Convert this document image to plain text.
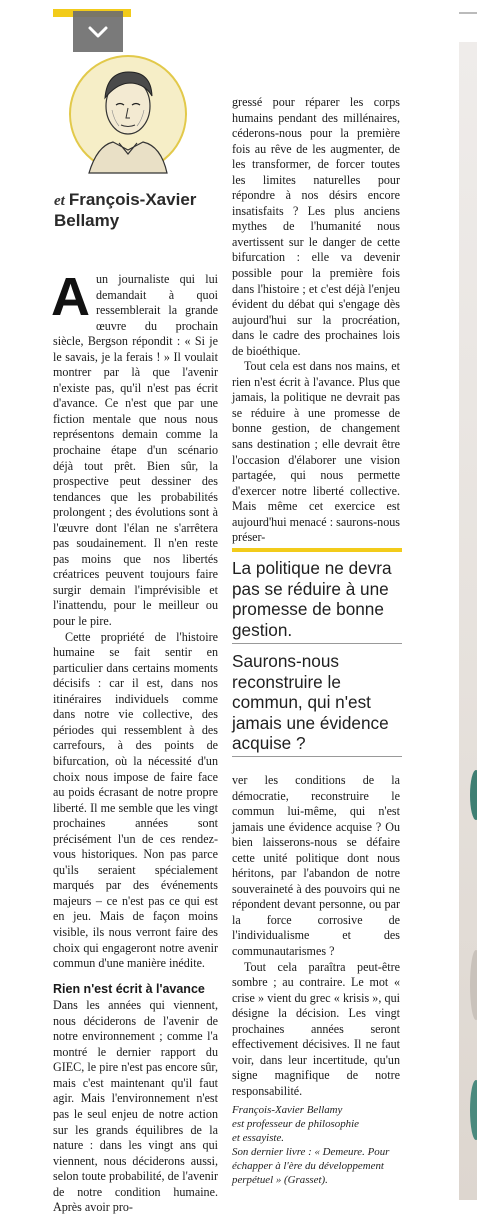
et François-Xavier Bellamy

Aun journaliste qui lui demandait à quoi ressemblerait la grande œuvre du prochain siècle, Bergson répondit : « Si je le savais, je la ferais ! » Il voulait montrer par là que l'avenir n'existe pas, qu'il n'est pas écrit d'avance. Ce n'est que par une fiction mentale que nous nous représentons demain comme la prochaine étape d'un scénario déjà tout prêt. Bien sûr, la prospective peut dessiner des tendances que les probabilités prolongent ; des évolutions sont à l'œuvre dont l'élan ne s'arrêtera pas soudainement. Il n'en reste pas moins que nos libertés créatrices peuvent toujours faire surgir demain l'imprévisible et l'inattendu, pour le meilleur ou pour le pire.

Cette propriété de l'histoire humaine se fait sentir en particulier dans certains moments décisifs : car il est, dans nos itinéraires individuels comme dans notre vie collective, des périodes qui ressemblent à des carrefours, à des points de bifurcation, où la nécessité d'un choix nous impose de faire face au poids écrasant de notre propre liberté. Il me semble que les vingt prochaines années sont précisément l'un de ces rendez-vous historiques. Non pas parce qu'ils seraient spécialement marqués par des événements majeurs – ce n'est pas ce qui est en jeu. Mais de façon moins visible, ils nous verront faire des choix qui engageront notre avenir commun d'une manière inédite.

Rien n'est écrit à l'avance

Dans les années qui viennent, nous déciderons de l'avenir de notre environnement ; comme l'a montré le dernier rapport du GIEC, le pire n'est pas encore sûr, mais c'est maintenant qu'il faut agir. Mais l'environnement n'est pas le seul enjeu de notre action sur les grands équilibres de la nature : dans les vingt ans qui viennent, nous déciderons aussi, selon toute probabilité, de l'avenir de notre condition humaine. Après avoir pro-

gressé pour réparer les corps humains pendant des millénaires, céderons-nous pour la première fois au rêve de les augmenter, de les transformer, de forcer toutes les limites naturelles pour répondre à nos désirs encore insatisfaits ? Les plus anciens mythes de l'humanité nous avertissent sur le danger de cette bifurcation : elle va devenir possible pour la première fois dans l'histoire ; et c'est déjà l'enjeu évident du débat qui s'engage dès aujourd'hui sur la procréation, dans le cadre des prochaines lois de bioéthique.

Tout cela est dans nos mains, et rien n'est écrit à l'avance. Plus que jamais, la politique ne devrait pas se réduire à une promesse de bonne gestion, de changement sans destination ; elle devrait être l'occasion d'élaborer une vision partagée, qui nous permette d'exercer notre liberté collective. Mais même cet exercice est aujourd'hui menacé : saurons-nous préser-

La politique ne devra pas se réduire à une promesse de bonne gestion.
Saurons-nous reconstruire le commun, qui n'est jamais une évidence acquise ?

ver les conditions de la démocratie, reconstruire le commun lui-même, qui n'est jamais une évidence acquise ? Ou bien laisserons-nous se défaire cette unité politique dont nous héritons, par l'abandon de notre souveraineté à des pouvoirs qui ne répondent devant personne, ou par la force corrosive de l'individualisme et des communautarismes ?

Tout cela paraîtra peut-être sombre ; au contraire. Le mot « crise » vient du grec « krisis », qui désigne la décision. Les vingt prochaines années seront effectivement décisives. Il ne faut voir, dans leur incertitude, qu'un signe magnifique de notre responsabilité.

François-Xavier Bellamy
est professeur de philosophie
et essayiste.
Son dernier livre : « Demeure. Pour
échapper à l'ère du développement
perpétuel » (Grasset).
